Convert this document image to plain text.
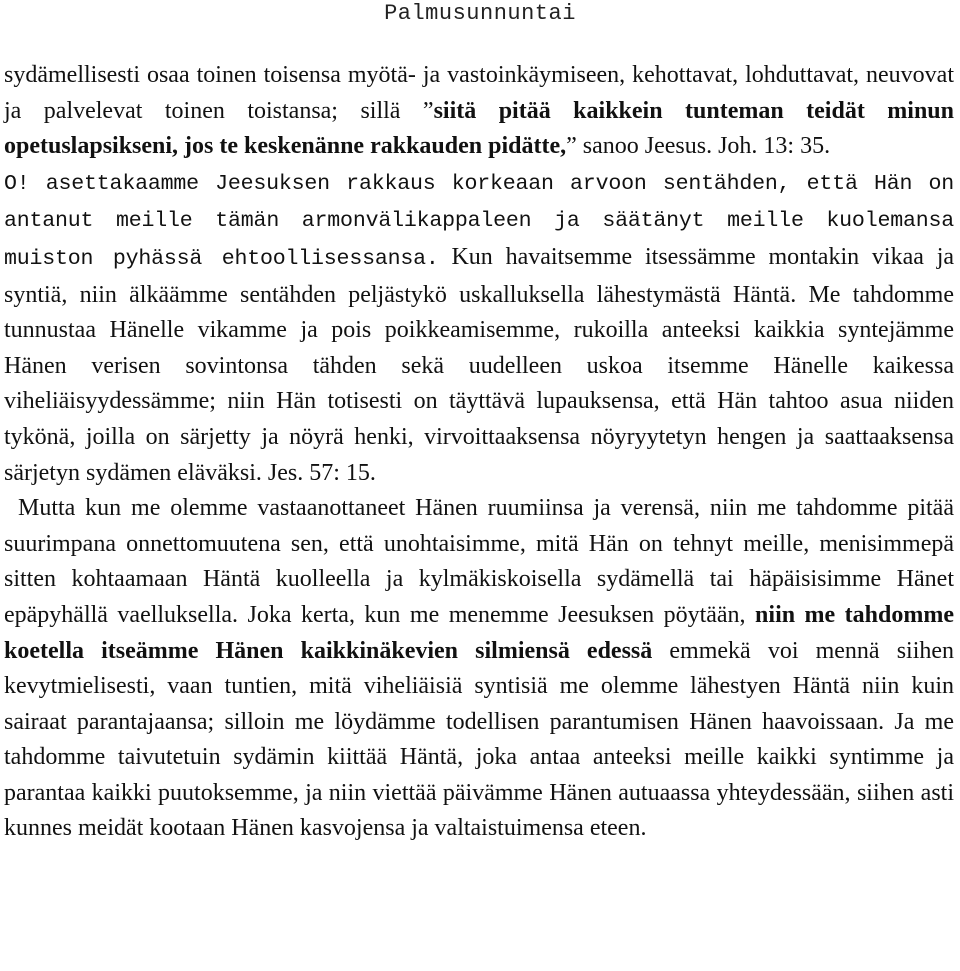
Palmusunnuntai

sydämellisesti osaa toinen toisensa myötä- ja vastoinkäymiseen, kehottavat, lohduttavat, neuvovat ja palvelevat toinen toistansa; sillä ”siitä pitää kaikkein tunteman teidät minun opetuslapsikseni, jos te keskenänne rakkauden pidätte,” sanoo Jeesus. Joh. 13: 35.

O! asettakaamme Jeesuksen rakkaus korkeaan arvoon sentähden, että Hän on antanut meille tämän armonvälikappaleen ja säätänyt meille kuolemansa muiston pyhässä ehtoollisessansa. Kun havaitsemme itsessämme montakin vikaa ja syntiä, niin älkäämme sentähden peljästykö uskalluksella lähestymästä Häntä. Me tahdomme tunnustaa Hänelle vikamme ja pois poikkeamisemme, rukoilla anteeksi kaikkia syntejämme Hänen verisen sovintonsa tähden sekä uudelleen uskoa itsemme Hänelle kaikessa viheliäisyydessämme; niin Hän totisesti on täyttävä lupauksensa, että Hän tahtoo asua niiden tykönä, joilla on särjetty ja nöyrä henki, virvoittaaksensa nöyryytetyn hengen ja saattaaksensa särjetyn sydämen eläväksi. Jes. 57: 15.

Mutta kun me olemme vastaanottaneet Hänen ruumiinsa ja verensä, niin me tahdomme pitää suurimpana onnettomuutena sen, että unohtaisimme, mitä Hän on tehnyt meille, menisimmepä sitten kohtaamaan Häntä kuolleella ja kylmäkiskoisella sydämellä tai häpäisisimme Hänet epäpyhällä vaelluksella. Joka kerta, kun me menemme Jeesuksen pöytään, niin me tahdomme koetella itseämme Hänen kaikkinäkevien silmiensä edessä emmekä voi mennä siihen kevytmielisesti, vaan tuntien, mitä viheliäisiä syntisiä me olemme lähestyen Häntä niin kuin sairaat parantajaansa; silloin me löydämme todellisen parantumisen Hänen haavoissaan. Ja me tahdomme taivutetuin sydämin kiittää Häntä, joka antaa anteeksi meille kaikki syntimme ja parantaa kaikki puutoksemme, ja niin viettää päivämme Hänen autuaassa yhteydessään, siihen asti kunnes meidät kootaan Hänen kasvojensa ja valtaistuimensa eteen.
